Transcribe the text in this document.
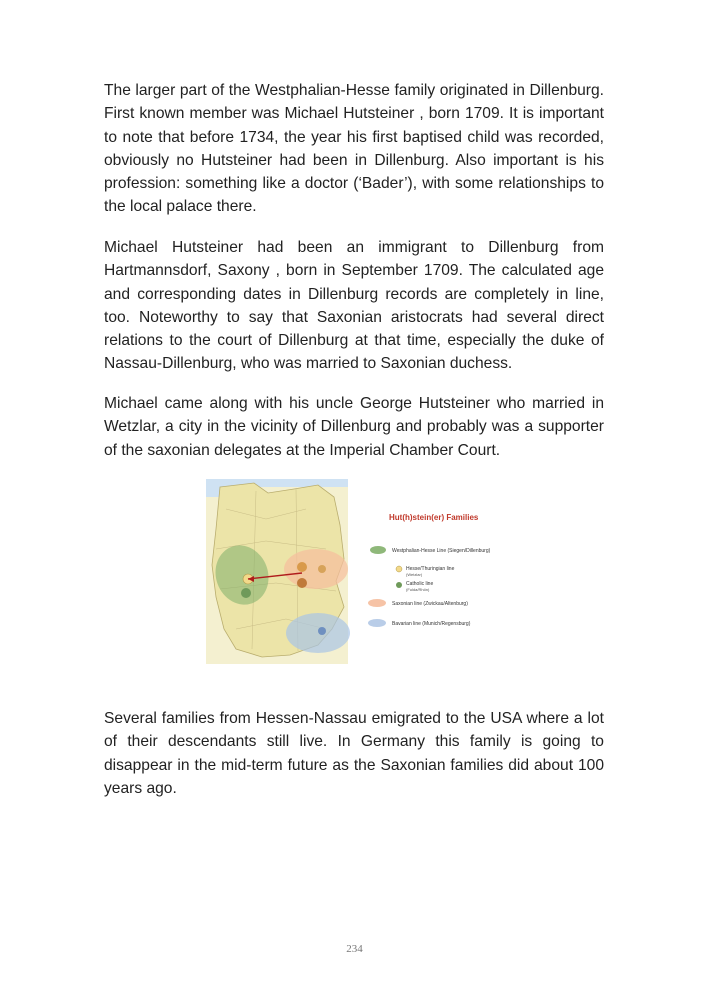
The larger part of the Westphalian-Hesse family originated in Dillenburg. First known member was Michael Hutsteiner , born 1709. It is important to note that before 1734, the year his first baptised child was recorded, obviously no Hutsteiner had been in Dillenburg. Also important is his profession: something like a doctor (‘Bader’), with some relationships to the local palace there.

Michael Hutsteiner had been an immigrant to Dillenburg from Hartmannsdorf, Saxony , born in September 1709. The calculated age and corresponding dates in Dillenburg records are completely in line, too. Noteworthy to say that Saxonian aristocrats had several direct relations to the court of Dillenburg at that time, especially the duke of Nassau-Dillenburg, who was married to Saxonian duchess.

Michael came along with his uncle George Hutsteiner who married in Wetzlar, a city in the vicinity of Dillenburg and probably was a supporter of the saxonian delegates at the Imperial Chamber Court.

Hut(h)stein(er) Families
Westphalian-Hesse Line (Siegen/Dillenburg)
Hesse/Thuringian line
(Wetzlar)
Catholic line
(Fulda/Rhön)
Saxonian line (Zwickau/Altenburg)
Bavarian line (Munich/Regensburg)

Several families from Hessen-Nassau emigrated to the USA where a lot of their descendants still live. In Germany this family is going to disappear in the mid-term future as the Saxonian families did about 100 years ago.

234
